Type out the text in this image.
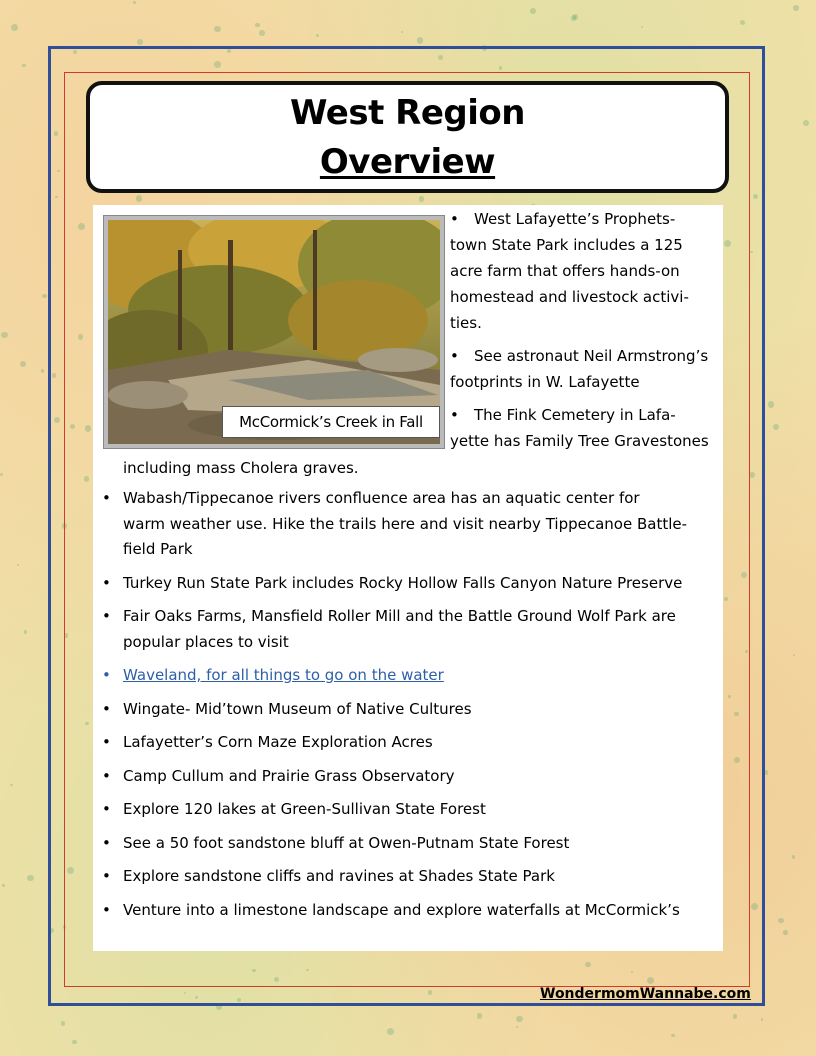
West Region
Overview
McCormick’s Creek in Fall
• West Lafayette’s Prophets-
town State Park includes a 125
acre farm that offers hands-on
homestead and livestock activi-
ties.
• See astronaut Neil Armstrong’s
footprints in W. Lafayette
• The Fink Cemetery in Lafa-
yette has Family Tree Gravestones
including mass Cholera graves.
• Wabash/Tippecanoe rivers confluence area has an aquatic center for
warm weather use. Hike the trails here and visit nearby Tippecanoe Battle-
field Park
• Turkey Run State Park includes Rocky Hollow Falls Canyon Nature Preserve
• Fair Oaks Farms, Mansfield Roller Mill and the Battle Ground Wolf Park are
popular places to visit
• Waveland, for all things to go on the water
• Wingate- Mid’town Museum of Native Cultures
• Lafayetter’s Corn Maze Exploration Acres
• Camp Cullum and Prairie Grass Observatory
• Explore 120 lakes at Green-Sullivan State Forest
• See a 50 foot sandstone bluff at Owen-Putnam State Forest
• Explore sandstone cliffs and ravines at Shades State Park
• Venture into a limestone landscape and explore waterfalls at McCormick’s
WondermomWannabe.com
